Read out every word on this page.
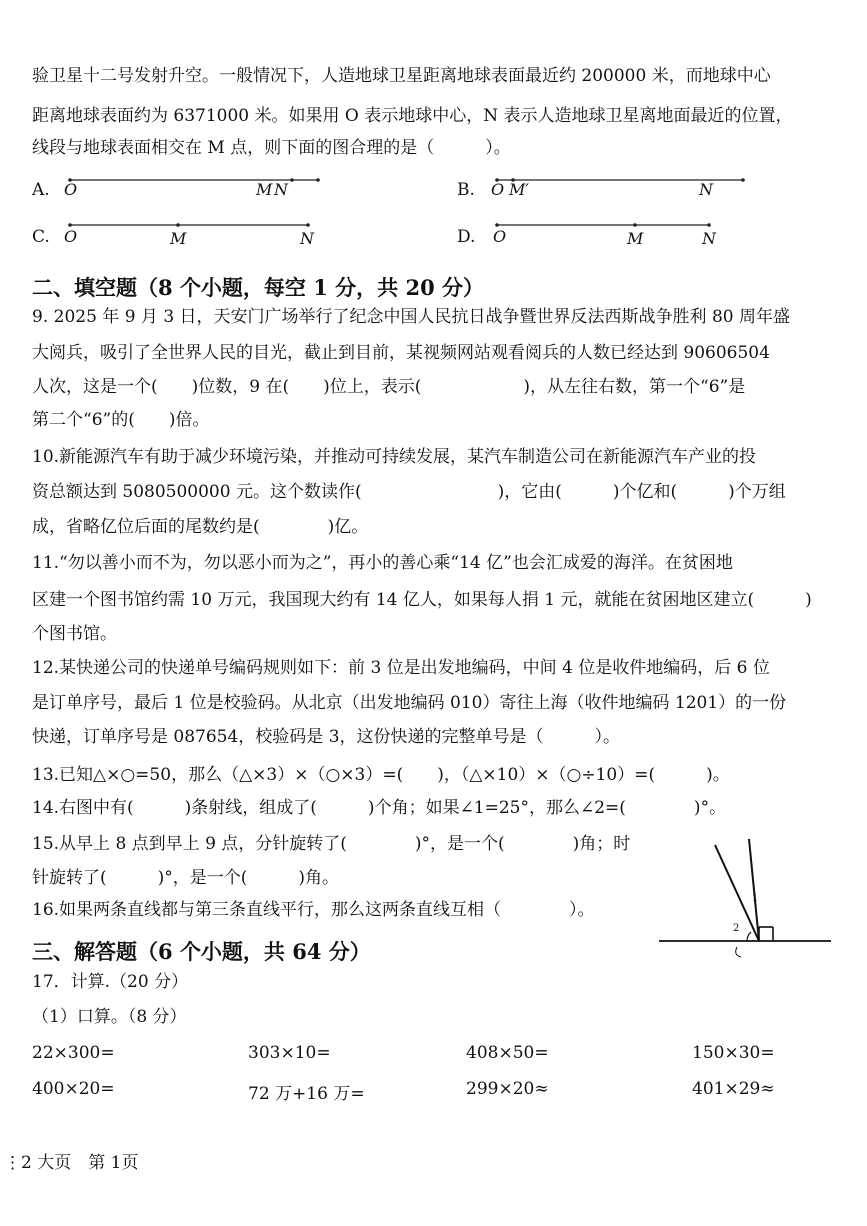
验卫星十二号发射升空。一般情况下，人造地球卫星距离地球表面最近约 200000 米，而地球中心
距离地球表面约为 6371000 米。如果用 O 表示地球中心，N 表示人造地球卫星离地面最近的位置，
线段与地球表面相交在 M 点，则下面的图合理的是（　　　）。
A. O	M N	B. O M′	N
C. O	M	N	D. O	M	N
二、填空题（8 个小题，每空 1 分，共 20 分）
9. 2025 年 9 月 3 日，天安门广场举行了纪念中国人民抗日战争暨世界反法西斯战争胜利 80 周年盛
大阅兵，吸引了全世界人民的目光，截止到目前，某视频网站观看阅兵的人数已经达到 90606504
人次，这是一个(　　)位数，9 在(　　)位上，表示(　　　　　　)，从左往右数，第一个“6”是
第二个“6”的(　　)倍。
10.新能源汽车有助于减少环境污染，并推动可持续发展，某汽车制造公司在新能源汽车产业的投
资总额达到 5080500000 元。这个数读作(　　　　　　　　)，它由(　　　)个亿和(　　　)个万组
成，省略亿位后面的尾数约是(　　　　)亿。
11.“勿以善小而不为，勿以恶小而为之”，再小的善心乘“14 亿”也会汇成爱的海洋。在贫困地
区建一个图书馆约需 10 万元，我国现大约有 14 亿人，如果每人捐 1 元，就能在贫困地区建立(　　　)
个图书馆。
12.某快递公司的快递单号编码规则如下：前 3 位是出发地编码，中间 4 位是收件地编码，后 6 位
是订单序号，最后 1 位是校验码。从北京（出发地编码 010）寄往上海（收件地编码 1201）的一份
快递，订单序号是 087654，校验码是 3，这份快递的完整单号是（　　　）。
13.已知△×○=50，那么（△×3）×（○×3）=(　　)，（△×10）×（○÷10）=(　　　)。
14.右图中有(　　　)条射线，组成了(　　　)个角；如果∠1=25°，那么∠2=(　　　　)°。
15.从早上 8 点到早上 9 点，分针旋转了(　　　　)°，是一个(　　　　)角；时
针旋转了(　　　)°，是一个(　　　)角。
16.如果两条直线都与第三条直线平行，那么这两条直线互相（　　　　）。
1
2
三、解答题（6 个小题，共 64 分）
17．计算.（20 分）
（1）口算。（8 分）
22×300=	303×10=	408×50=	150×30=
400×20=	72 万+16 万=	299×20≈	401×29≈
⋮2 大页　第 1页
